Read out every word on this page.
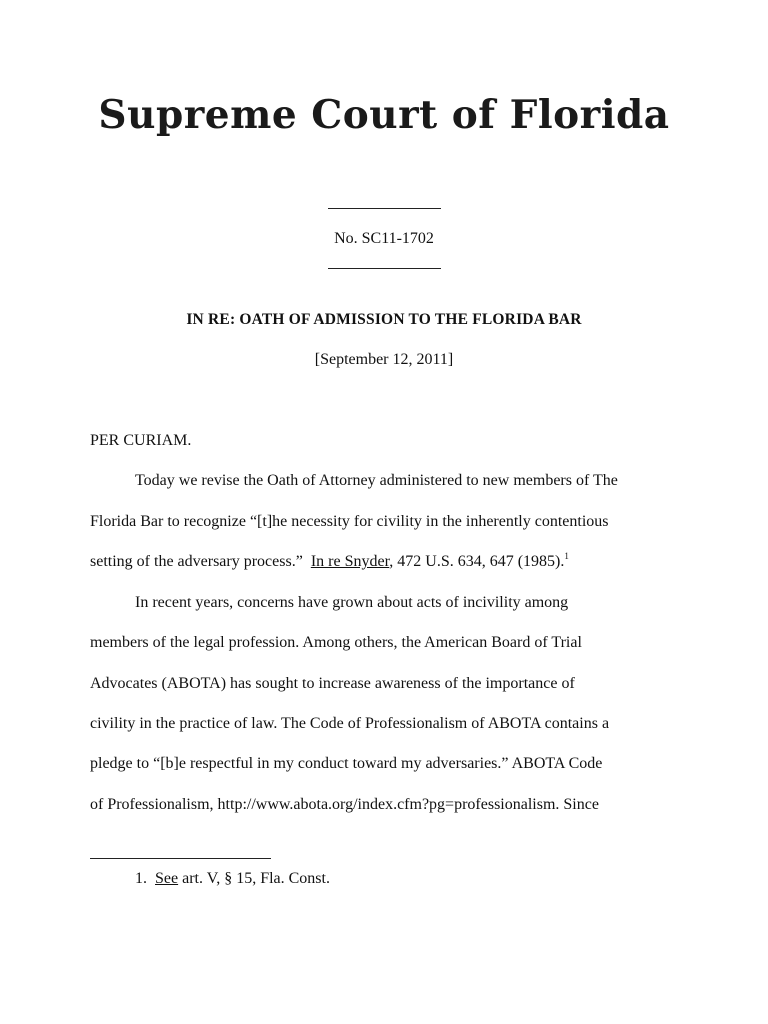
Supreme Court of Florida
No. SC11-1702
IN RE: OATH OF ADMISSION TO THE FLORIDA BAR
[September 12, 2011]
PER CURIAM.
Today we revise the Oath of Attorney administered to new members of The
Florida Bar to recognize “[t]he necessity for civility in the inherently contentious
setting of the adversary process.”  In re Snyder, 472 U.S. 634, 647 (1985).$^1$
In recent years, concerns have grown about acts of incivility among
members of the legal profession. Among others, the American Board of Trial
Advocates (ABOTA) has sought to increase awareness of the importance of
civility in the practice of law. The Code of Professionalism of ABOTA contains a
pledge to “[b]e respectful in my conduct toward my adversaries.” ABOTA Code
of Professionalism, http://www.abota.org/index.cfm?pg=professionalism. Since
1. See art. V, § 15, Fla. Const.
